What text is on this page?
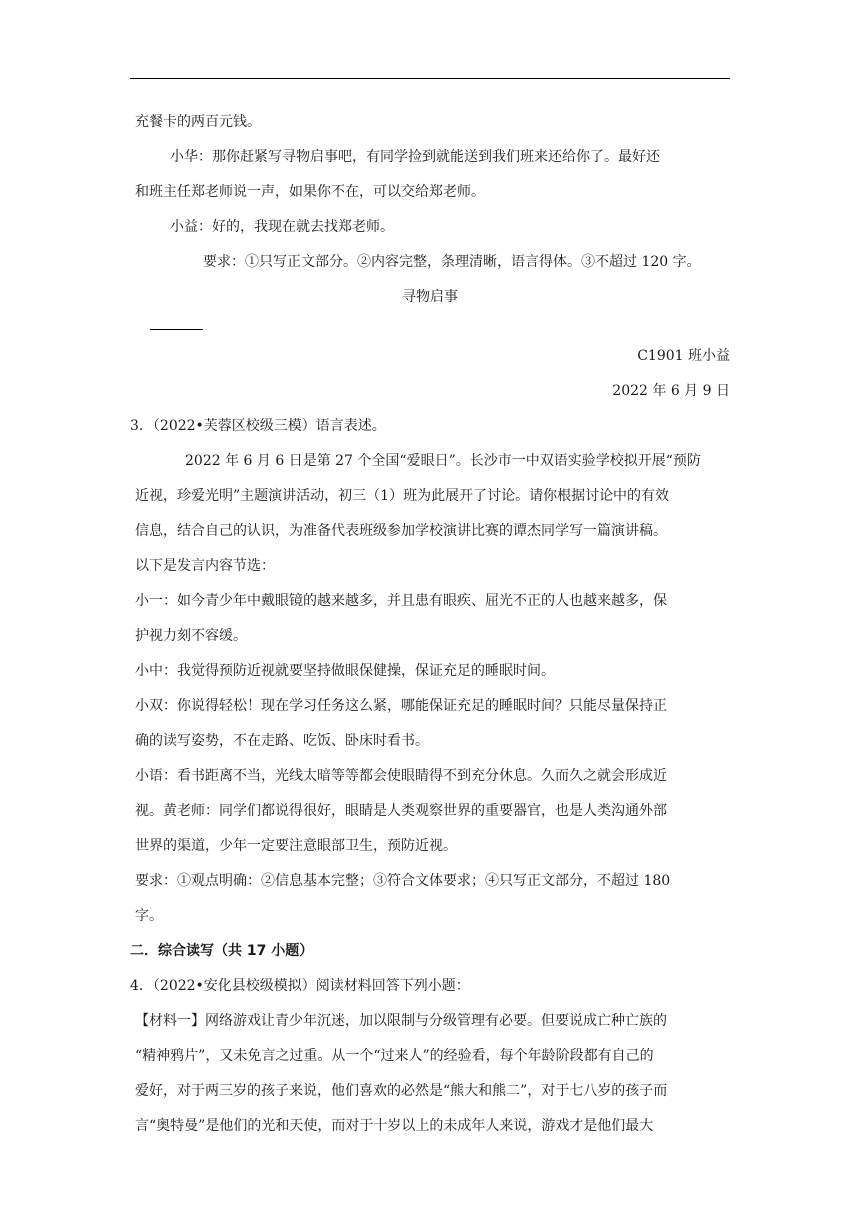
充餐卡的两百元钱。
小华：那你赶紧写寻物启事吧，有同学捡到就能送到我们班来还给你了。最好还
和班主任郑老师说一声，如果你不在，可以交给郑老师。
小益：好的，我现在就去找郑老师。
要求：①只写正文部分。②内容完整，条理清晰，语言得体。③不超过 120 字。
寻物启事
C1901 班小益
2022 年 6 月 9 日
3．（2022•芙蓉区校级三模）语言表述。
2022 年 6 月 6 日是第 27 个全国“爱眼日”。长沙市一中双语实验学校拟开展“预防
近视，珍爱光明”主题演讲活动，初三（1）班为此展开了讨论。请你根据讨论中的有效
信息，结合自己的认识，为准备代表班级参加学校演讲比赛的谭杰同学写一篇演讲稿。
以下是发言内容节选：
小一：如今青少年中戴眼镜的越来越多，并且患有眼疾、屈光不正的人也越来越多，保
护视力刻不容缓。
小中：我觉得预防近视就要坚持做眼保健操，保证充足的睡眠时间。
小双：你说得轻松！现在学习任务这么紧，哪能保证充足的睡眠时间？只能尽量保持正
确的读写姿势，不在走路、吃饭、卧床时看书。
小语：看书距离不当，光线太暗等等都会使眼睛得不到充分休息。久而久之就会形成近
视。黄老师：同学们都说得很好，眼睛是人类观察世界的重要器官，也是人类沟通外部
世界的渠道，少年一定要注意眼部卫生，预防近视。
要求：①观点明确：②信息基本完整；③符合文体要求；④只写正文部分，不超过 180
字。
二．综合读写（共 17 小题）
4．（2022•安化县校级模拟）阅读材料回答下列小题：
【材料一】网络游戏让青少年沉迷，加以限制与分级管理有必要。但要说成亡种亡族的
“精神鸦片”，又未免言之过重。从一个“过来人”的经验看，每个年龄阶段都有自己的
爱好，对于两三岁的孩子来说，他们喜欢的必然是“熊大和熊二”，对于七八岁的孩子而
言“奥特曼”是他们的光和天使，而对于十岁以上的未成年人来说，游戏才是他们最大
